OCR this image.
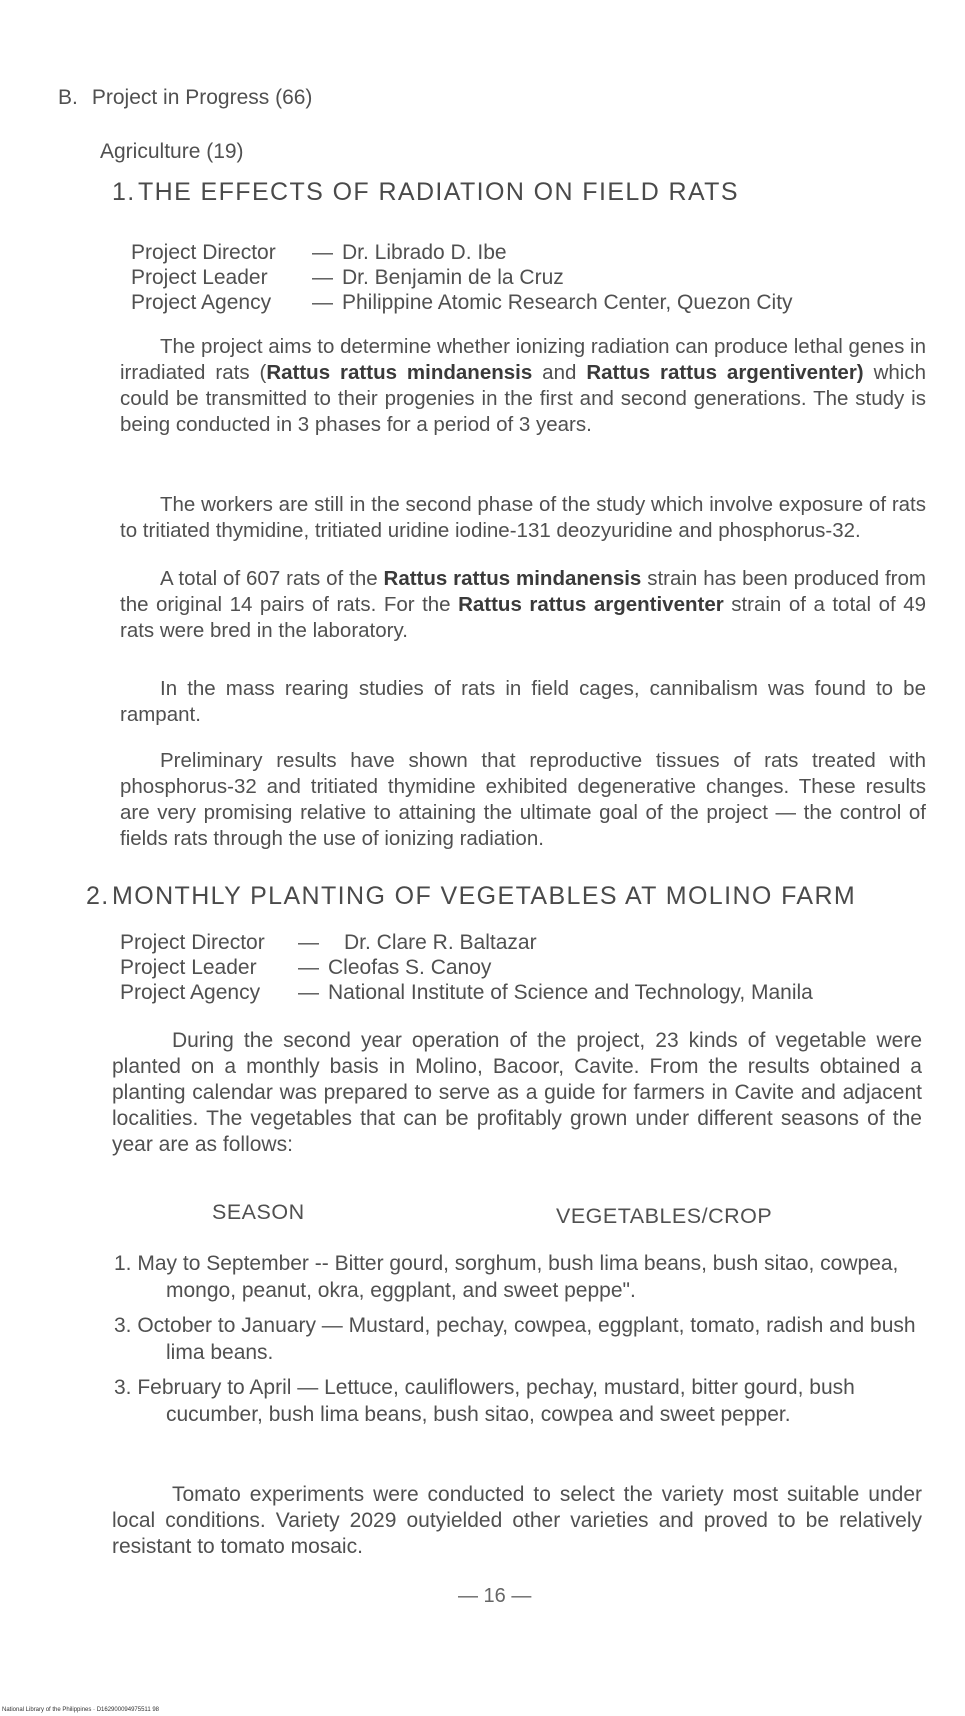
B. Project in Progress (66)
Agriculture (19)
1.THE EFFECTS OF RADIATION ON FIELD RATS
Project Director	— Dr. Librado D. Ibe
Project Leader	— Dr. Benjamin de la Cruz
Project Agency	— Philippine Atomic Research Center, Quezon City
The project aims to determine whether ionizing radiation can produce lethal genes in irradiated rats (Rattus rattus mindanensis and Rattus rattus argentiventer) which could be transmitted to their progenies in the first and second generations. The study is being conducted in 3 phases for a period of 3 years.
The workers are still in the second phase of the study which involve exposure of rats to tritiated thymidine, tritiated uridine iodine-131 deozyuridine and phosphorus-32.
A total of 607 rats of the Rattus rattus mindanensis strain has been produced from the original 14 pairs of rats. For the Rattus rattus argentiventer strain of a total of 49 rats were bred in the laboratory.
In the mass rearing studies of rats in field cages, cannibalism was found to be rampant.
Preliminary results have shown that reproductive tissues of rats treated with phosphorus-32 and tritiated thymidine exhibited degenerative changes. These results are very promising relative to attaining the ultimate goal of the project — the control of fields rats through the use of ionizing radiation.
2.MONTHLY PLANTING OF VEGETABLES AT MOLINO FARM
Project Director	—	Dr. Clare R. Baltazar
Project Leader	— Cleofas S. Canoy
Project Agency	— National Institute of Science and Technology, Manila
During the second year operation of the project, 23 kinds of vegetable were planted on a monthly basis in Molino, Bacoor, Cavite. From the results obtained a planting calendar was prepared to serve as a guide for farmers in Cavite and adjacent localities. The vegetables that can be profitably grown under different seasons of the year are as follows:
SEASON	VEGETABLES/CROP
1. May to September -- Bitter gourd, sorghum, bush lima beans, bush sitao, cowpea, mongo, peanut, okra, eggplant, and sweet peppeʺ.
3. October to January — Mustard, pechay, cowpea, eggplant, tomato, radish and bush lima beans.
3. February to April — Lettuce, cauliflowers, pechay, mustard, bitter gourd, bush cucumber, bush lima beans, bush sitao, cowpea and sweet pepper.
Tomato experiments were conducted to select the variety most suitable under local conditions. Variety 2029 outyielded other varieties and proved to be relatively resistant to tomato mosaic.
— 16 —
National Library of the Philippines · D162900094975511 98
